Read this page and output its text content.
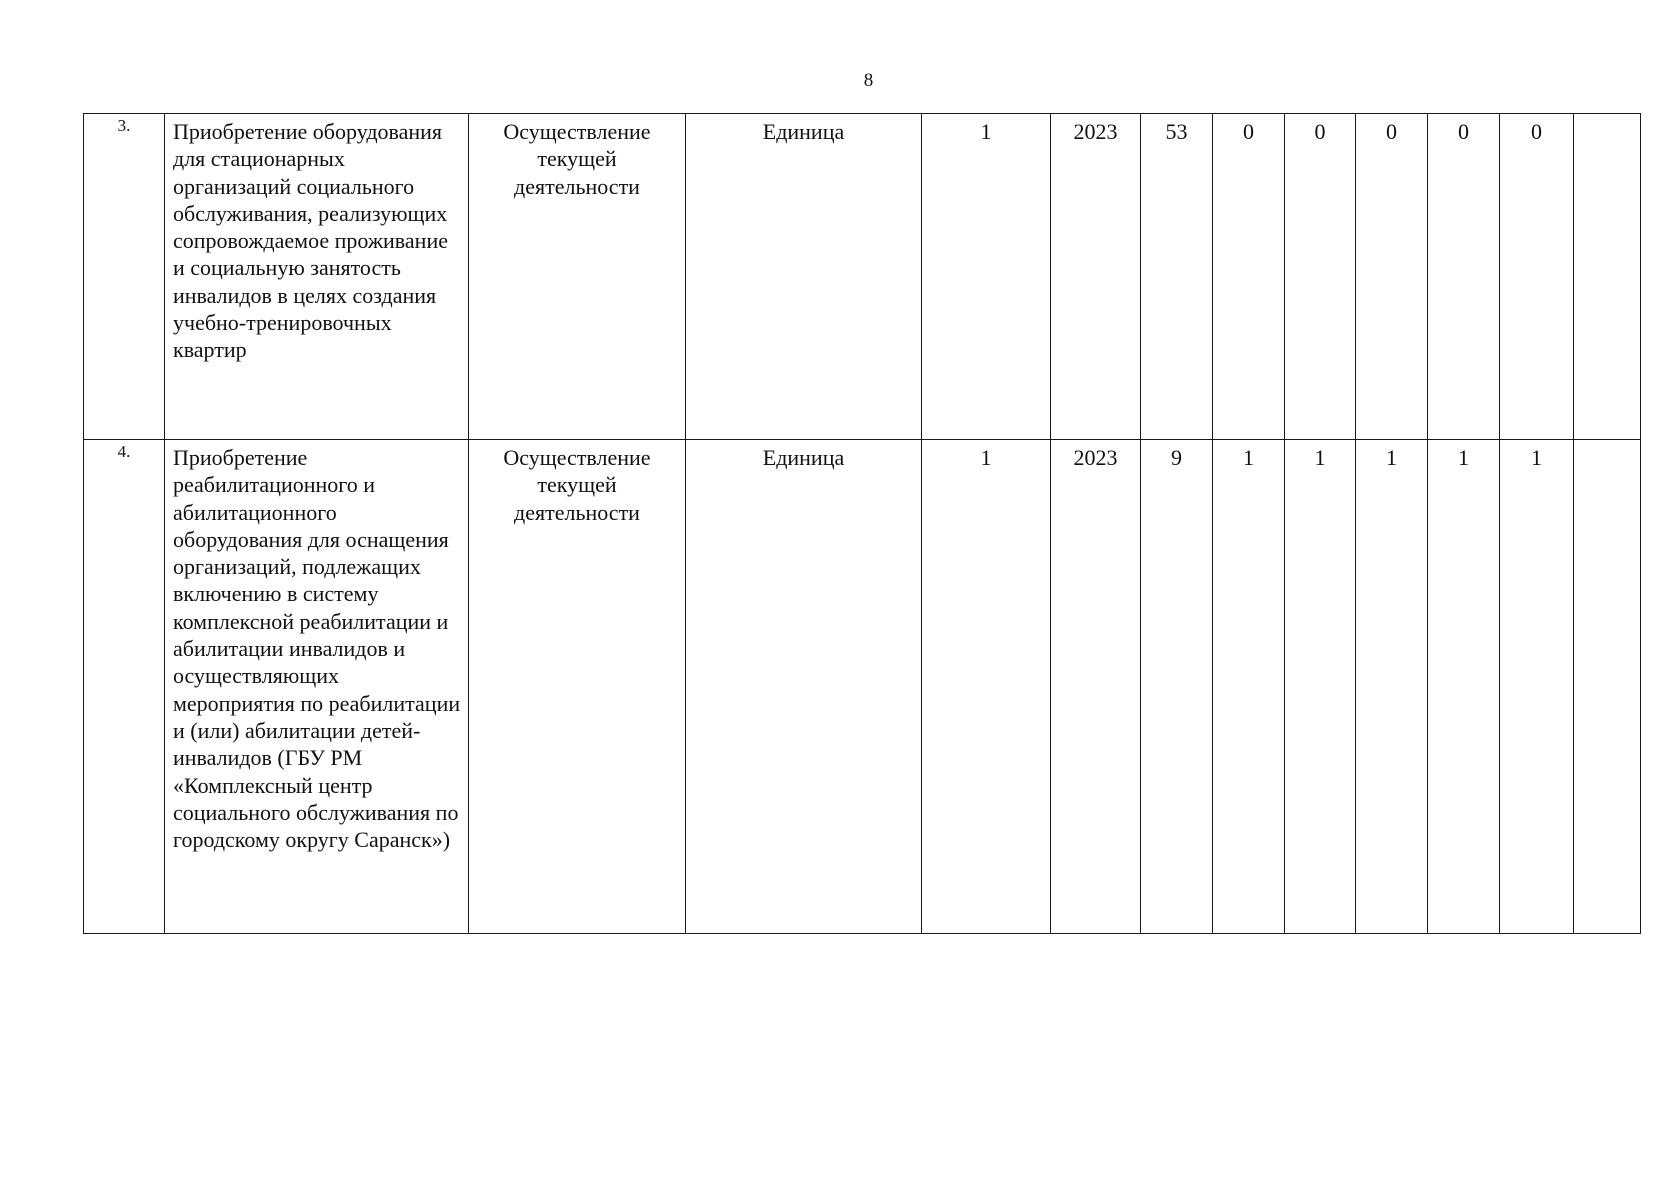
8
3.	Приобретение оборудования для стационарных организаций социального обслуживания, реализующих сопровождаемое проживание и социальную занятость инвалидов в целях создания учебно-тренировочных квартир	Осуществление текущей деятельности	Единица	1	2023	53	0	0	0	0	0	
4.	Приобретение реабилитационного и абилитационного оборудования для оснащения организаций, подлежащих включению в систему комплексной реабилитации и абилитации инвалидов и осуществляющих мероприятия по реабилитации и (или) абилитации детей-инвалидов (ГБУ РМ «Комплексный центр социального обслуживания по городскому округу Саранск»)	Осуществление текущей деятельности	Единица	1	2023	9	1	1	1	1	1	
